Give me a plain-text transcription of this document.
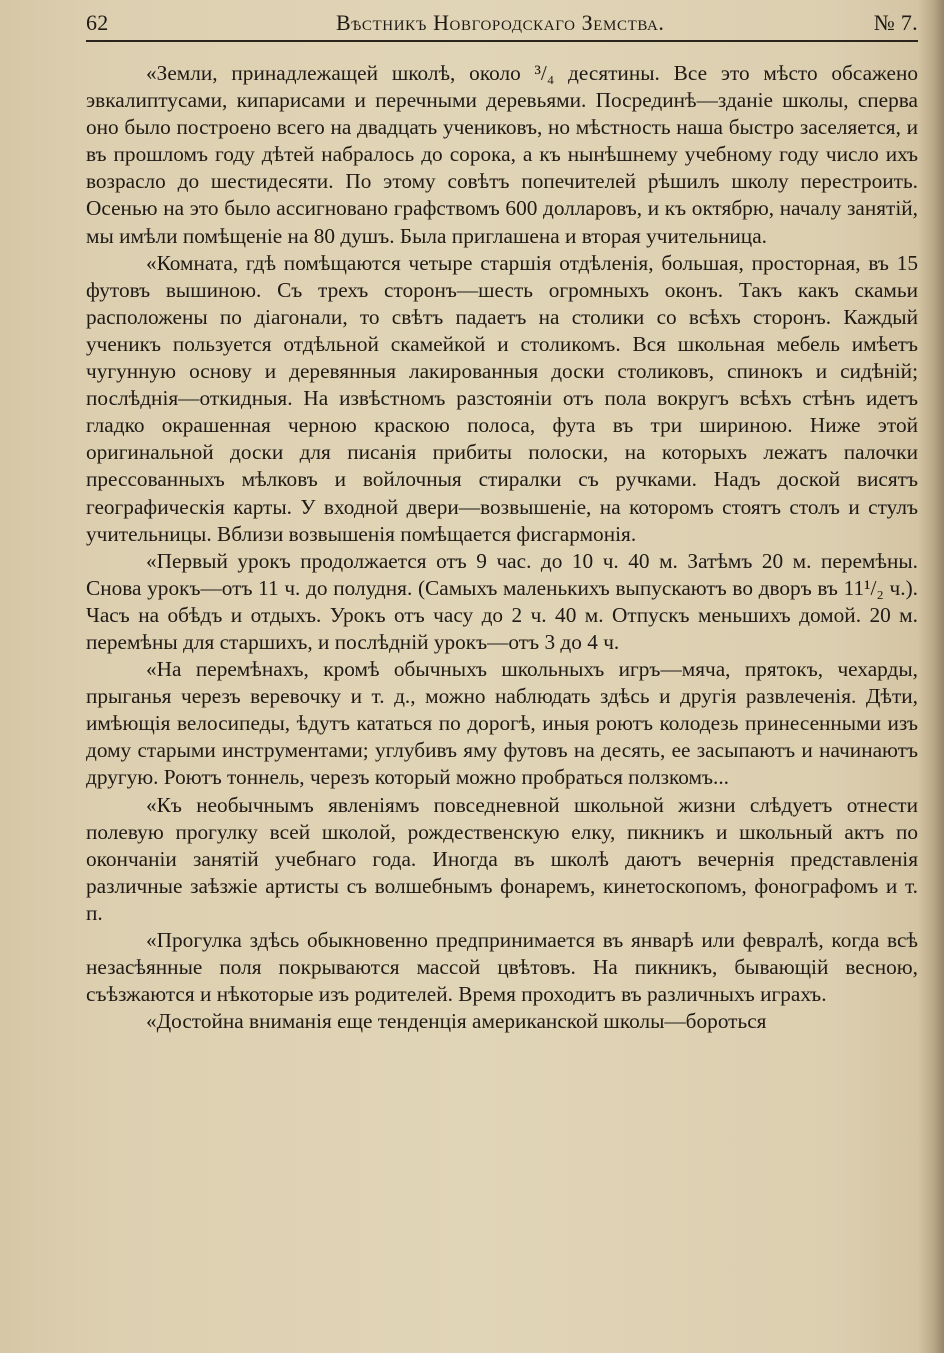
62	Вѣстникъ Новгородскаго Земства.	№ 7.

«Земли, принадлежащей школѣ, около ³/₄ десятины. Все это мѣсто обсажено эвкалиптусами, кипарисами и перечными деревьями. Посрединѣ—зданіе школы, сперва оно было построено всего на двадцать учениковъ, но мѣстность наша быстро заселяется, и въ прошломъ году дѣтей набралось до сорока, а къ нынѣшнему учебному году число ихъ возрасло до шестидесяти. По этому совѣтъ попечителей рѣшилъ школу перестроить. Осенью на это было ассигновано графствомъ 600 долларовъ, и къ октябрю, началу занятій, мы имѣли помѣщеніе на 80 душъ. Была приглашена и вторая учительница.

«Комната, гдѣ помѣщаются четыре старшія отдѣленія, большая, просторная, въ 15 футовъ вышиною. Съ трехъ сторонъ—шесть огромныхъ оконъ. Такъ какъ скамьи расположены по діагонали, то свѣтъ падаетъ на столики со всѣхъ сторонъ. Каждый ученикъ пользуется отдѣльной скамейкой и столикомъ. Вся школьная мебель имѣетъ чугунную основу и деревянныя лакированныя доски столиковъ, спинокъ и сидѣній; послѣднія—откидныя. На извѣстномъ разстояніи отъ пола вокругъ всѣхъ стѣнъ идетъ гладко окрашенная черною краскою полоса, фута въ три шириною. Ниже этой оригинальной доски для писанія прибиты полоски, на которыхъ лежатъ палочки прессованныхъ мѣлковъ и войлочныя стиралки съ ручками. Надъ доской висятъ географическія карты. У входной двери—возвышеніе, на которомъ стоятъ столъ и стулъ учительницы. Вблизи возвышенія помѣщается фисгармонія.

«Первый урокъ продолжается отъ 9 час. до 10 ч. 40 м. Затѣмъ 20 м. перемѣны. Снова урокъ—отъ 11 ч. до полудня. (Самыхъ маленькихъ выпускаютъ во дворъ въ 11¹/₂ ч.). Часъ на обѣдъ и отдыхъ. Урокъ отъ часу до 2 ч. 40 м. Отпускъ меньшихъ домой. 20 м. перемѣны для старшихъ, и послѣдній урокъ—отъ 3 до 4 ч.

«На перемѣнахъ, кромѣ обычныхъ школьныхъ игръ—мяча, прятокъ, чехарды, прыганья черезъ веревочку и т. д., можно наблюдать здѣсь и другія развлеченія. Дѣти, имѣющія велосипеды, ѣдутъ кататься по дорогѣ, иныя роютъ колодезь принесенными изъ дому старыми инструментами; углубивъ яму футовъ на десять, ее засыпаютъ и начинаютъ другую. Роютъ тоннель, черезъ который можно пробраться ползкомъ...

«Къ необычнымъ явленіямъ повседневной школьной жизни слѣдуетъ отнести полевую прогулку всей школой, рождественскую елку, пикникъ и школьный актъ по окончаніи занятій учебнаго года. Иногда въ школѣ даютъ вечернія представленія различные заѣзжіе артисты съ волшебнымъ фонаремъ, кинетоскопомъ, фонографомъ и т. п.

«Прогулка здѣсь обыкновенно предпринимается въ январѣ или февралѣ, когда всѣ незасѣянные поля покрываются массой цвѣтовъ. На пикникъ, бывающій весною, съѣзжаются и нѣкоторые изъ родителей. Время проходитъ въ различныхъ играхъ.

«Достойна вниманія еще тенденція американской школы—бороться
